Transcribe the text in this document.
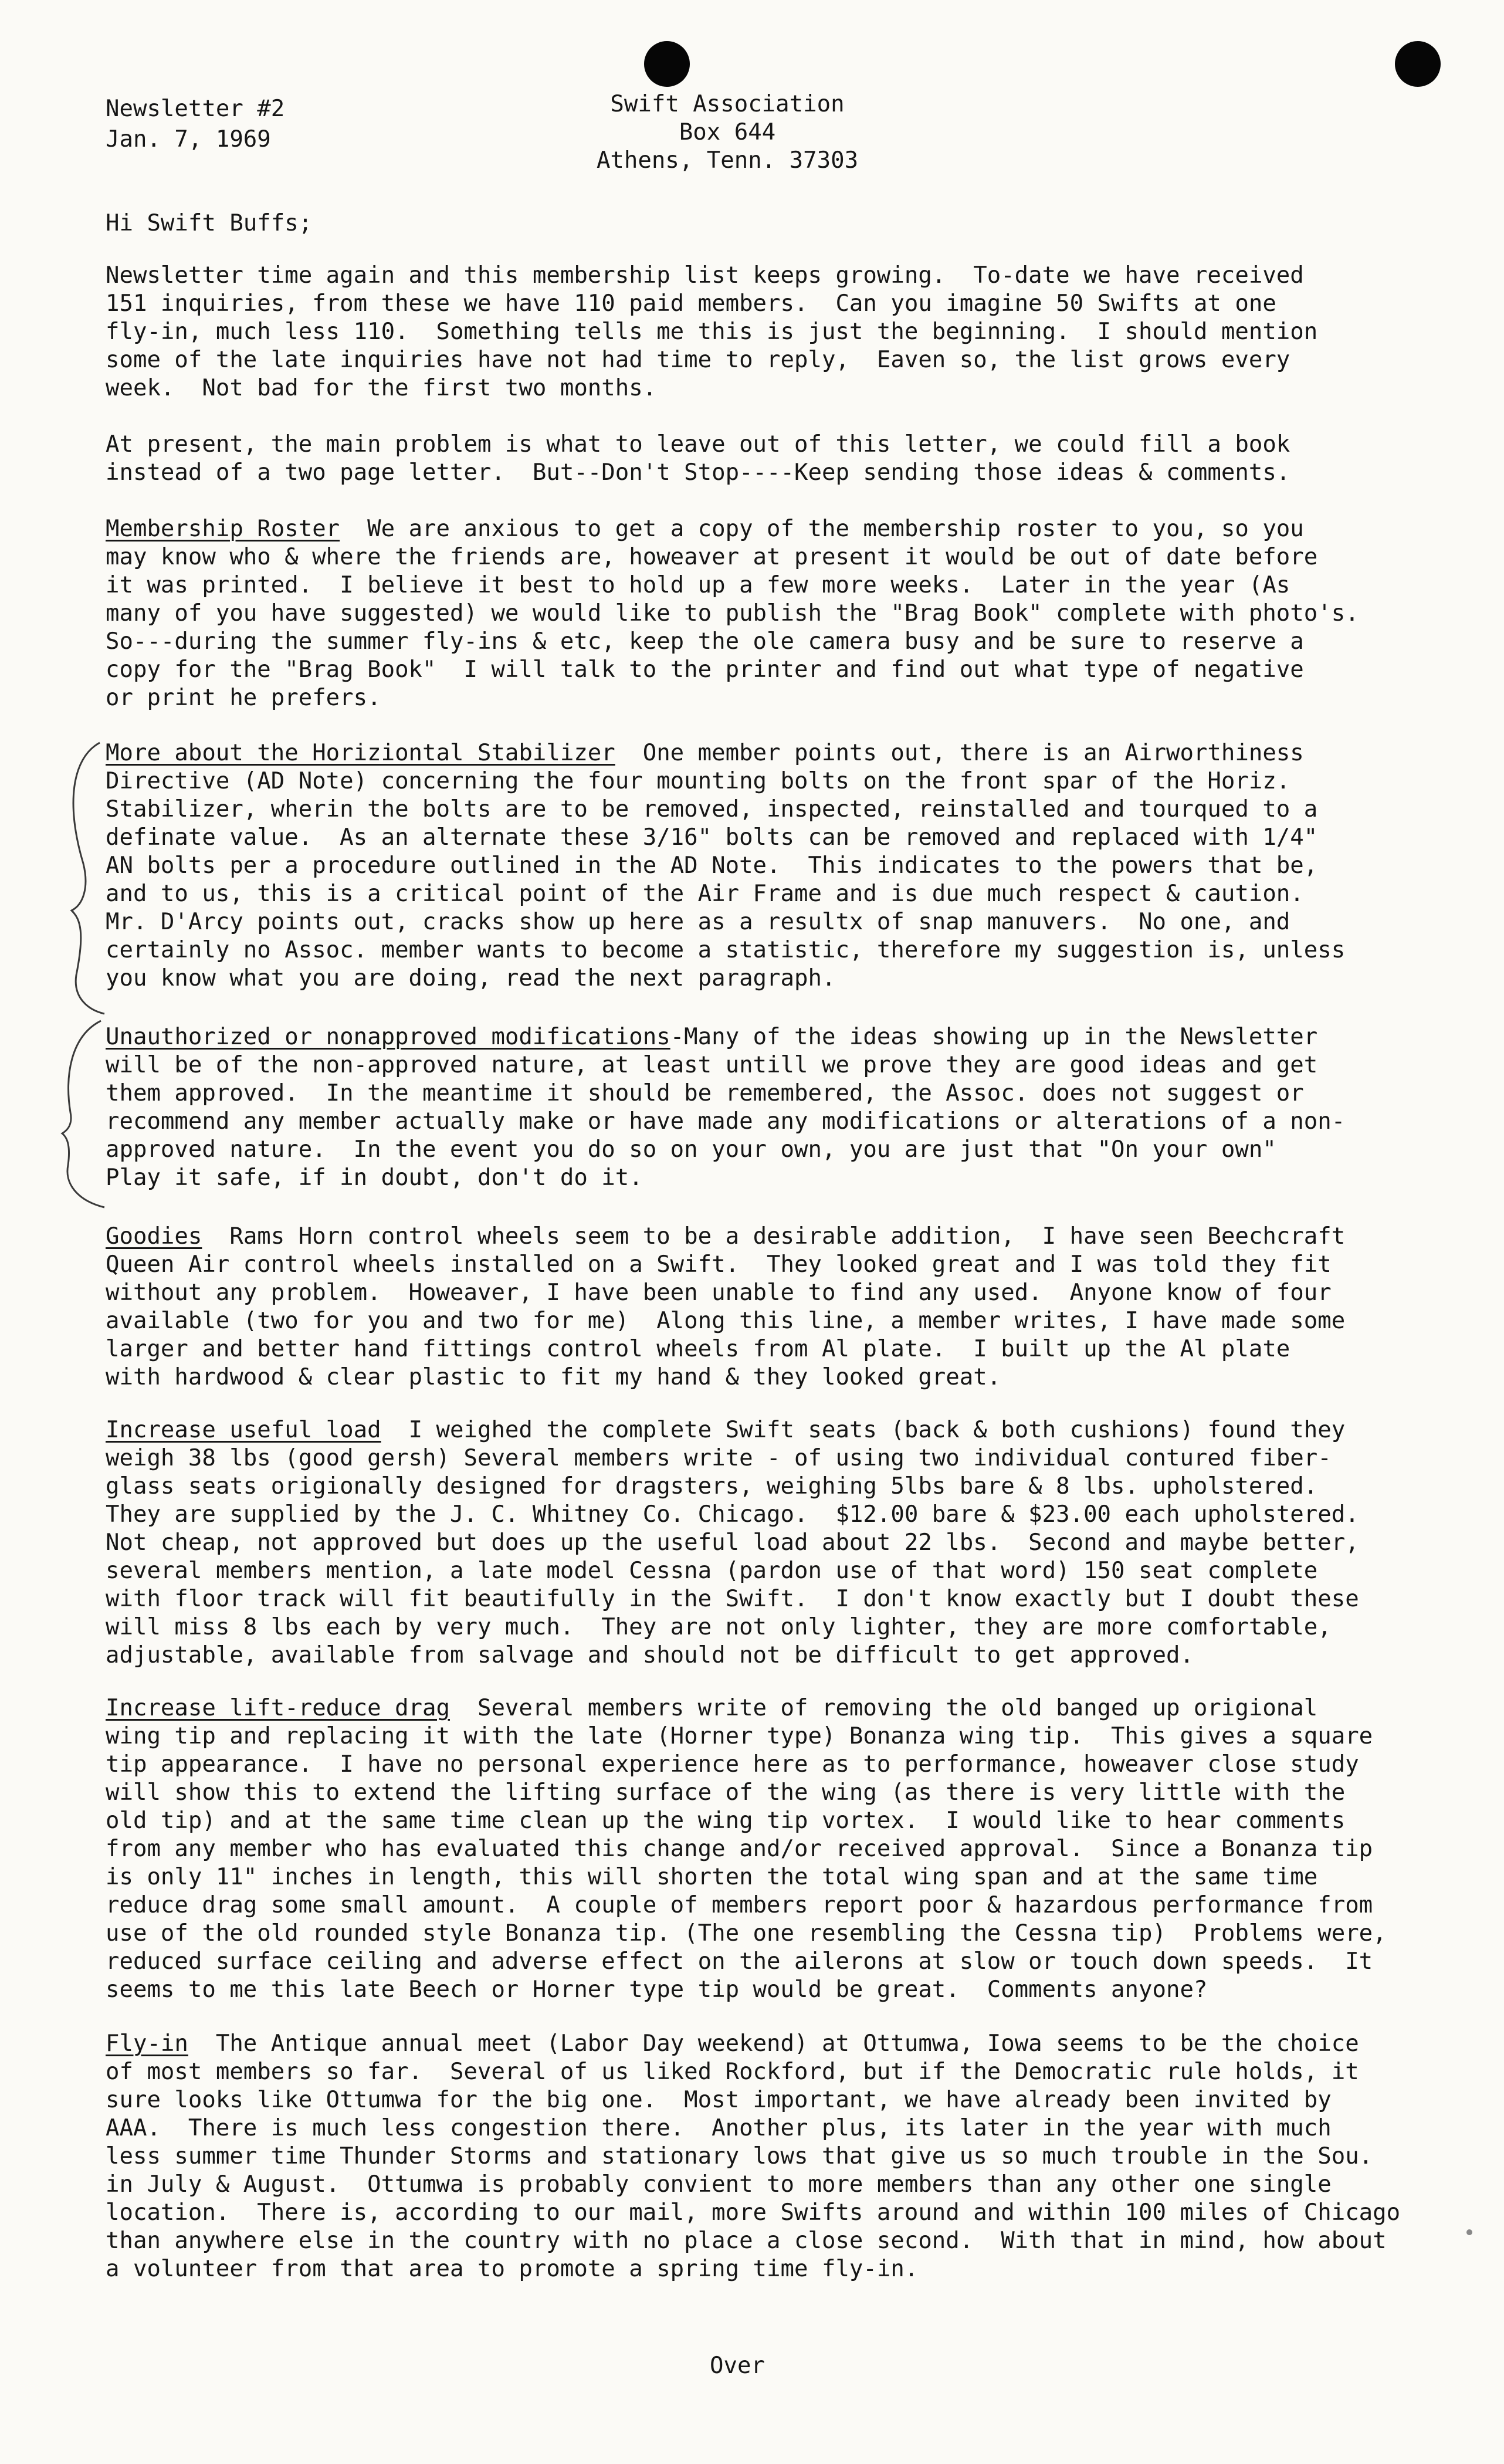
Newsletter #2
Jan. 7, 1969
Swift Association
Box 644
Athens, Tenn. 37303
Hi Swift Buffs;
Newsletter time again and this membership list keeps growing.  To-date we have received
151 inquiries, from these we have 110 paid members.  Can you imagine 50 Swifts at one
fly-in, much less 110.  Something tells me this is just the beginning.  I should mention
some of the late inquiries have not had time to reply,  Eaven so, the list grows every
week.  Not bad for the first two months.
At present, the main problem is what to leave out of this letter, we could fill a book
instead of a two page letter.  But--Don't Stop----Keep sending those ideas & comments.
Membership Roster  We are anxious to get a copy of the membership roster to you, so you
may know who & where the friends are, howeaver at present it would be out of date before
it was printed.  I believe it best to hold up a few more weeks.  Later in the year (As
many of you have suggested) we would like to publish the "Brag Book" complete with photo's.
So---during the summer fly-ins & etc, keep the ole camera busy and be sure to reserve a
copy for the "Brag Book"  I will talk to the printer and find out what type of negative
or print he prefers.
More about the Horiziontal Stabilizer  One member points out, there is an Airworthiness
Directive (AD Note) concerning the four mounting bolts on the front spar of the Horiz.
Stabilizer, wherin the bolts are to be removed, inspected, reinstalled and tourqued to a
definate value.  As an alternate these 3/16" bolts can be removed and replaced with 1/4"
AN bolts per a procedure outlined in the AD Note.  This indicates to the powers that be,
and to us, this is a critical point of the Air Frame and is due much respect & caution.
Mr. D'Arcy points out, cracks show up here as a resultx of snap manuvers.  No one, and
certainly no Assoc. member wants to become a statistic, therefore my suggestion is, unless
you know what you are doing, read the next paragraph.
Unauthorized or nonapproved modifications-Many of the ideas showing up in the Newsletter
will be of the non-approved nature, at least untill we prove they are good ideas and get
them approved.  In the meantime it should be remembered, the Assoc. does not suggest or
recommend any member actually make or have made any modifications or alterations of a non-
approved nature.  In the event you do so on your own, you are just that "On your own"
Play it safe, if in doubt, don't do it.
Goodies  Rams Horn control wheels seem to be a desirable addition,  I have seen Beechcraft
Queen Air control wheels installed on a Swift.  They looked great and I was told they fit
without any problem.  Howeaver, I have been unable to find any used.  Anyone know of four
available (two for you and two for me)  Along this line, a member writes, I have made some
larger and better hand fittings control wheels from Al plate.  I built up the Al plate
with hardwood & clear plastic to fit my hand & they looked great.
Increase useful load  I weighed the complete Swift seats (back & both cushions) found they
weigh 38 lbs (good gersh) Several members write - of using two individual contured fiber-
glass seats origionally designed for dragsters, weighing 5lbs bare & 8 lbs. upholstered.
They are supplied by the J. C. Whitney Co. Chicago.  $12.00 bare & $23.00 each upholstered.
Not cheap, not approved but does up the useful load about 22 lbs.  Second and maybe better,
several members mention, a late model Cessna (pardon use of that word) 150 seat complete
with floor track will fit beautifully in the Swift.  I don't know exactly but I doubt these
will miss 8 lbs each by very much.  They are not only lighter, they are more comfortable,
adjustable, available from salvage and should not be difficult to get approved.
Increase lift-reduce drag  Several members write of removing the old banged up origional
wing tip and replacing it with the late (Horner type) Bonanza wing tip.  This gives a square
tip appearance.  I have no personal experience here as to performance, howeaver close study
will show this to extend the lifting surface of the wing (as there is very little with the
old tip) and at the same time clean up the wing tip vortex.  I would like to hear comments
from any member who has evaluated this change and/or received approval.  Since a Bonanza tip
is only 11" inches in length, this will shorten the total wing span and at the same time
reduce drag some small amount.  A couple of members report poor & hazardous performance from
use of the old rounded style Bonanza tip. (The one resembling the Cessna tip)  Problems were,
reduced surface ceiling and adverse effect on the ailerons at slow or touch down speeds.  It
seems to me this late Beech or Horner type tip would be great.  Comments anyone?
Fly-in  The Antique annual meet (Labor Day weekend) at Ottumwa, Iowa seems to be the choice
of most members so far.  Several of us liked Rockford, but if the Democratic rule holds, it
sure looks like Ottumwa for the big one.  Most important, we have already been invited by
AAA.  There is much less congestion there.  Another plus, its later in the year with much
less summer time Thunder Storms and stationary lows that give us so much trouble in the Sou.
in July & August.  Ottumwa is probably convient to more members than any other one single
location.  There is, according to our mail, more Swifts around and within 100 miles of Chicago
than anywhere else in the country with no place a close second.  With that in mind, how about
a volunteer from that area to promote a spring time fly-in.
Over
